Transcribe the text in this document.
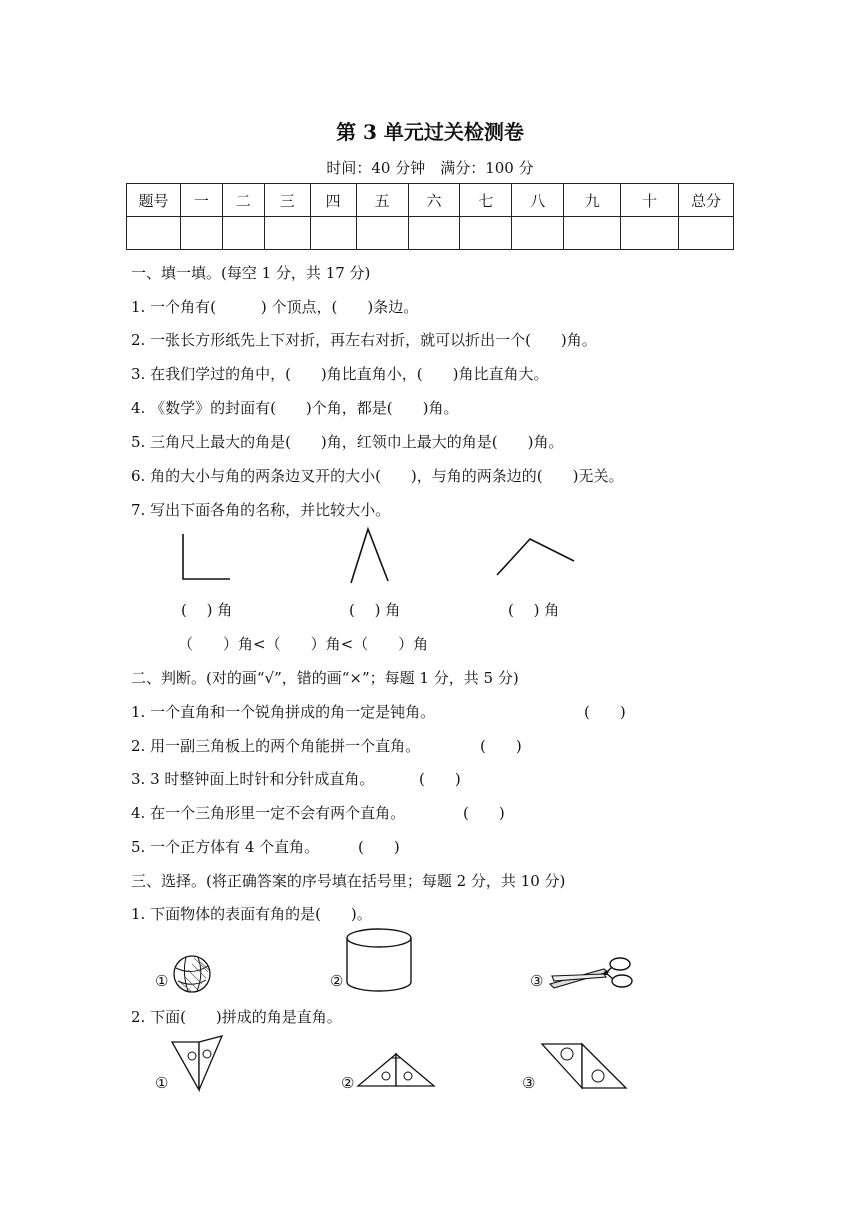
第 3 单元过关检测卷
时间：40 分钟　满分：100 分
题号	一	二	三	四	五	六	七	八	九	十	总分

一、填一填。(每空 1 分，共 17 分)
1. 一个角有(　　　) 个顶点，(　　)条边。
2. 一张长方形纸先上下对折，再左右对折，就可以折出一个(　　)角。
3. 在我们学过的角中，(　　)角比直角小，(　　)角比直角大。
4. 《数学》的封面有(　　)个角，都是(　　)角。
5. 三角尺上最大的角是(　　)角，红领巾上最大的角是(　　)角。
6. 角的大小与角的两条边叉开的大小(　　)，与角的两条边的(　　)无关。
7. 写出下面各角的名称，并比较大小。
(　 ) 角	(　 ) 角	(　 ) 角
（　　）角<（　　）角<（　　）角
二、判断。(对的画“√”，错的画“×”；每题 1 分，共 5 分)
1. 一个直角和一个锐角拼成的角一定是钝角。	(　　)
2. 用一副三角板上的两个角能拼一个直角。	(　　)
3. 3 时整钟面上时针和分针成直角。	(　　)
4. 在一个三角形里一定不会有两个直角。	(　　)
5. 一个正方体有 4 个直角。	(　　)
三、选择。(将正确答案的序号填在括号里；每题 2 分，共 10 分)
1. 下面物体的表面有角的是(　　)。
①	②	③
2. 下面(　　)拼成的角是直角。
①	②	③
